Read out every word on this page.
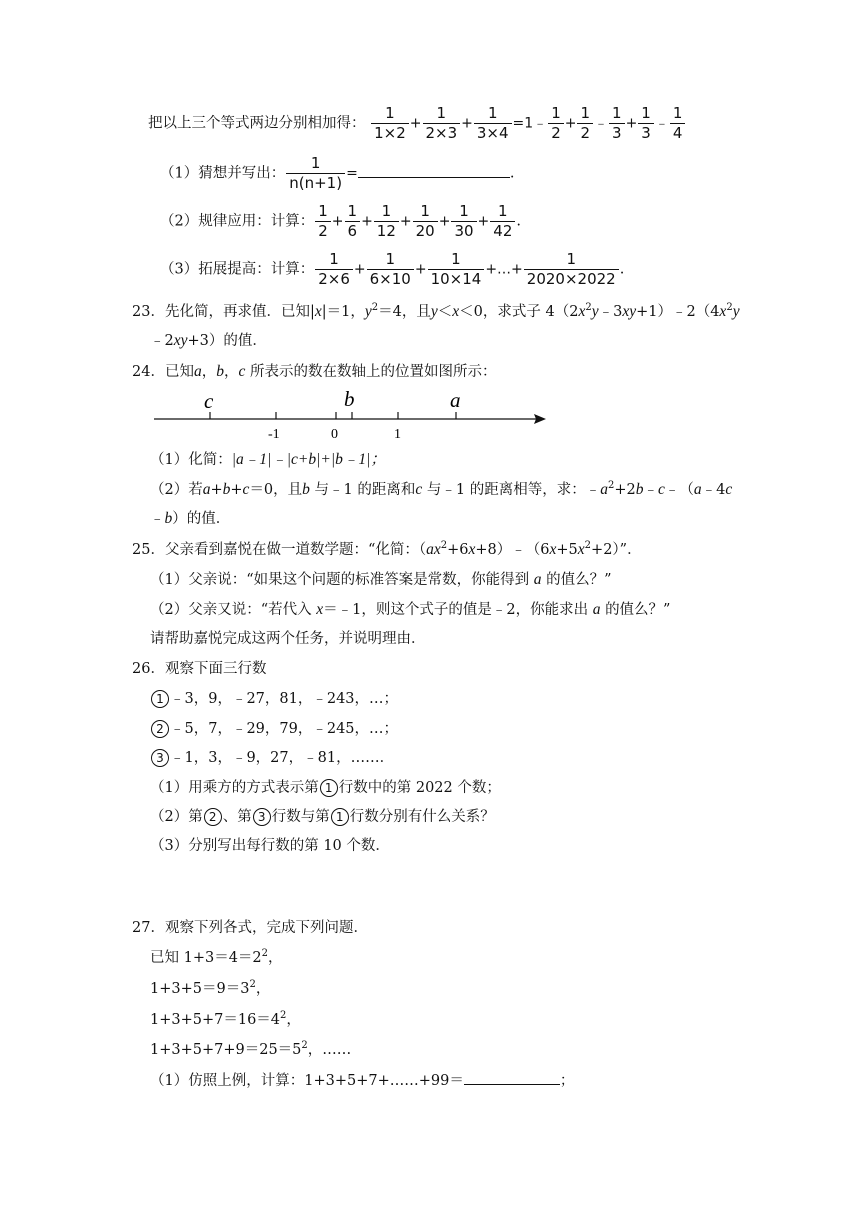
把以上三个等式两边分别相加得： $\frac{1}{1\times 2} + \frac{1}{2\times 3} + \frac{1}{3\times 4}$ =1﹣ $\frac{1}{2} + \frac{1}{2}$ ﹣ $\frac{1}{3} + \frac{1}{3}$ ﹣ $\frac{1}{4}$
（1）猜想并写出： $\frac{1}{n(n+1)}$ =	.
（2）规律应用：计算： $\frac{1}{2} + \frac{1}{6} + \frac{1}{12} + \frac{1}{20} + \frac{1}{30} + \frac{1}{42}$ .
（3）拓展提高：计算： $\frac{1}{2\times 6} + \frac{1}{6\times 10} + \frac{1}{10\times 14}$ +…+ $\frac{1}{2020\times 2022}$ .
23．先化简，再求值．已知|x|＝1，$y^2=4$，且y＜x＜0，求式子 $4(2x^2y﹣3xy+1)﹣2(4x^2y$
﹣2xy+3）的值．
24．已知a，b，c 所表示的数在数轴上的位置如图所示：
c	b	a
-1	0	1
（1）化简：|a﹣1|﹣|c+b|+|b﹣1|；
（2）若a+b+c＝0，且b 与﹣1 的距离和c 与﹣1 的距离相等，求：$﹣a^2+2b﹣c﹣(a﹣4c$
﹣b）的值．
25．父亲看到嘉悦在做一道数学题：“化简：$(ax^2+6x+8)﹣(6x+5x^2+2)$”．
（1）父亲说：“如果这个问题的标准答案是常数，你能得到 a 的值么？”
（2）父亲又说：“若代入 x＝﹣1，则这个式子的值是﹣2，你能求出 a 的值么？”
请帮助嘉悦完成这两个任务，并说明理由．
26．观察下面三行数
1 ﹣3，9，﹣27，81，﹣243，…；
2 ﹣5，7，﹣29，79，﹣245，…；
3 ﹣1，3，﹣9，27，﹣81，……．
（1）用乘方的方式表示第 1 行数中的第 2022 个数；
（2）第 2 、第 3 行数与第 1 行数分别有什么关系？
（3）分别写出每行数的第 10 个数．
27．观察下列各式，完成下列问题．
已知 $1+3=4=2^2$，
$1+3+5=9=3^2$，
$1+3+5+7=16=4^2$，
$1+3+5+7+9=25=5^2$，……
（1）仿照上例，计算：1+3+5+7+……+99＝	；
